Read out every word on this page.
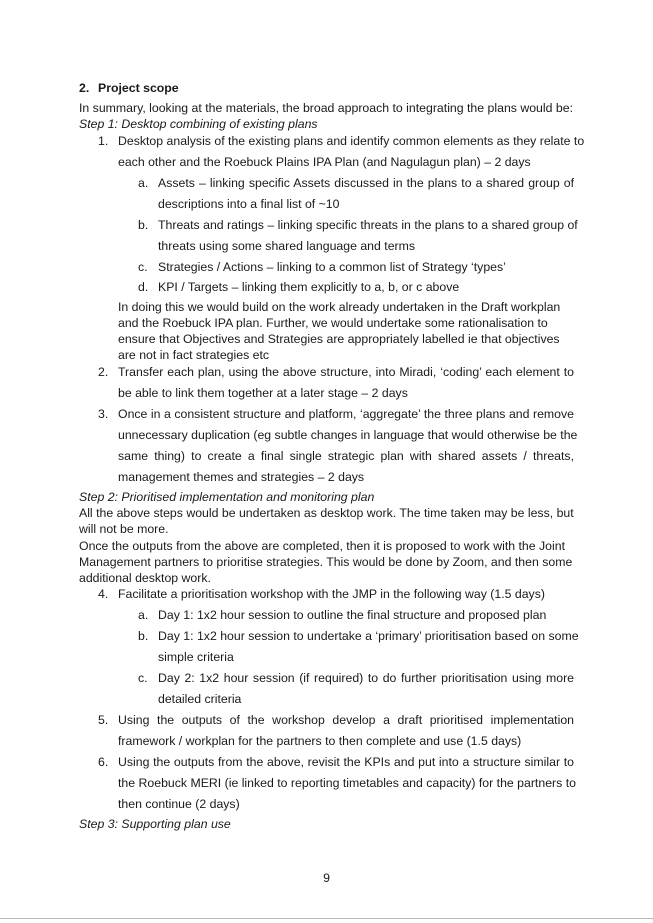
2. Project scope
In summary, looking at the materials, the broad approach to integrating the plans would be:
Step 1: Desktop combining of existing plans
1. Desktop analysis of the existing plans and identify common elements as they relate to
each other and the Roebuck Plains IPA Plan (and Nagulagun plan) – 2 days
a. Assets – linking specific Assets discussed in the plans to a shared group of
descriptions into a final list of ~10
b. Threats and ratings – linking specific threats in the plans to a shared group of
threats using some shared language and terms
c. Strategies / Actions – linking to a common list of Strategy ‘types’
d. KPI / Targets – linking them explicitly to a, b, or c above
In doing this we would build on the work already undertaken in the Draft workplan
and the Roebuck IPA plan. Further, we would undertake some rationalisation to
ensure that Objectives and Strategies are appropriately labelled ie that objectives
are not in fact strategies etc
2. Transfer each plan, using the above structure, into Miradi, ‘coding’ each element to
be able to link them together at a later stage – 2 days
3. Once in a consistent structure and platform, ‘aggregate’ the three plans and remove
unnecessary duplication (eg subtle changes in language that would otherwise be the
same thing) to create a final single strategic plan with shared assets / threats,
management themes and strategies – 2 days
Step 2: Prioritised implementation and monitoring plan
All the above steps would be undertaken as desktop work. The time taken may be less, but
will not be more.
Once the outputs from the above are completed, then it is proposed to work with the Joint
Management partners to prioritise strategies. This would be done by Zoom, and then some
additional desktop work.
4. Facilitate a prioritisation workshop with the JMP in the following way (1.5 days)
a. Day 1: 1x2 hour session to outline the final structure and proposed plan
b. Day 1: 1x2 hour session to undertake a ‘primary’ prioritisation based on some
simple criteria
c. Day 2: 1x2 hour session (if required) to do further prioritisation using more
detailed criteria
5. Using the outputs of the workshop develop a draft prioritised implementation
framework / workplan for the partners to then complete and use (1.5 days)
6. Using the outputs from the above, revisit the KPIs and put into a structure similar to
the Roebuck MERI (ie linked to reporting timetables and capacity) for the partners to
then continue (2 days)
Step 3: Supporting plan use
9
